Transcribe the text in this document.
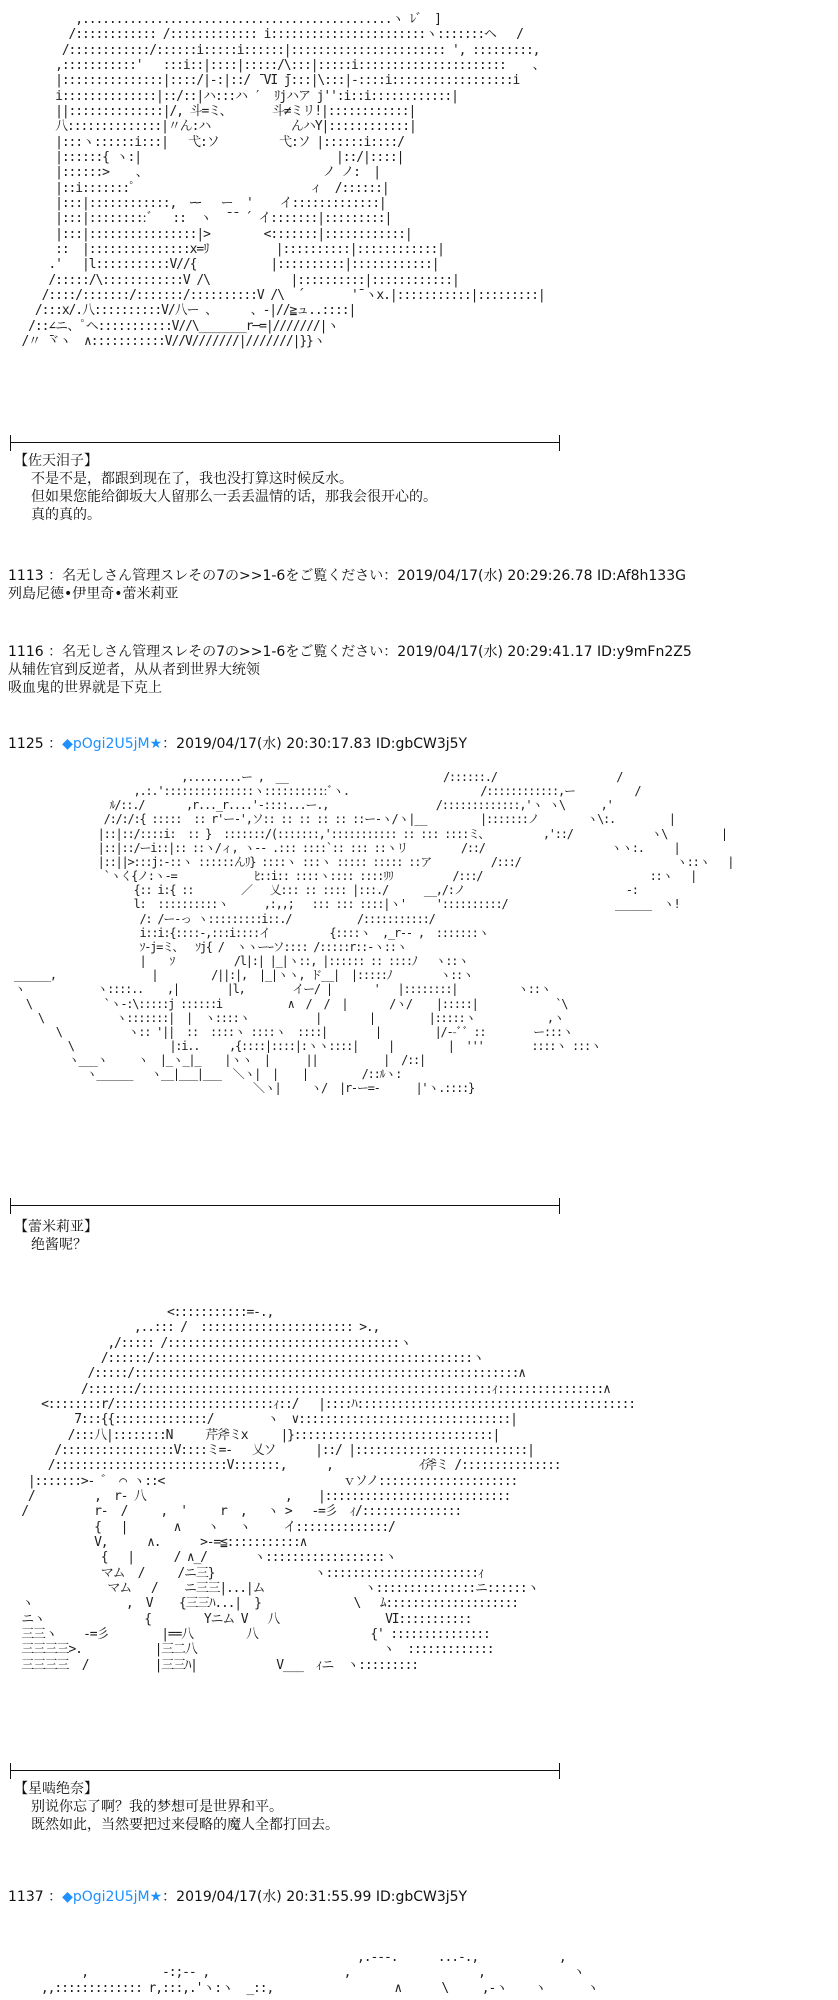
,..............................................ヽ ﾚ゛ ]
/:::::::::::: /::::::::::::: i:::::::::::::::::::::::ヽ:::::::ヘ   /
/::::::::::::/::::::i:::::i::::::|::::::::::::::::::::::: ', :::::::::,
,:::::::::::'   :::i::|::::|:::::/\:::|:::::i::::::::::::::::::::::    、
|:::::::::::::::|::::/|-:|::/ ̄ VI ̄j:::|\:::|-::::i::::::::::::::::::i
i::::::::::::::|::/::|ハ:::ハ ′  ﾘjハア j'':i::i::::::::::::|
||::::::::::::::|/, 斗=ミ、      斗≠ミリ!|::::::::::::|
八::::::::::::::|〃ん:ハ            んハY|::::::::::::|
|:::ヽ::::::i:::|   弋:ソ         弋:ソ |::::::i::::/
|::::::{ ヽ:|                             |::/|::::|
|::::::>    、                          ノ ノ:  |
|::i:::::::ﾟ                          ィ  /::::::|
|:::|::::::::::::,  ｰｰ   ー  '    イ:::::::::::::|
|:::|:::::::::ﾞ   ::  ヽ  ̄ ̄  ´ イ:::::::|:::::::::|
|:::|::::::::::::::::|>        <:::::::|::::::::::::|
::  |:::::::::::::::x=ﾘ          |::::::::::|::::::::::::|
.'   |l:::::::::::V//{           |::::::::::|::::::::::::|
/:::::/\::::::::::::V /\            |::::::::::|::::::::::::|
/::::/:::::::/:::::::/::::::::::V /\  ´       '¯ヽx.|:::::::::::|:::::::::|
/:::x/.八::::::::::V/八ー 、     、-|//≧ュ..::::|
/::∠ニ、ﾟヘ:::::::::::V//\_______r─=|///////|ヽ
/〃 ̄ヾヽ  ∧:::::::::::V//V///////|///////|}}ヽ
【佐天泪子】
不是不是，都跟到现在了，我也没打算这时候反水。
但如果您能给御坂大人留那么一丢丢温情的话，那我会很开心的。
真的真的。
1113 ：名无しさん管理スレその7の>>1-6をご覧ください：2019/04/17(水) 20:29:26.78 ID:Af8h133G
列島尼德•伊里奇•蕾米莉亚
1116 ：名无しさん管理スレその7の>>1-6をご覧ください：2019/04/17(水) 20:29:41.17 ID:y9mFn2Z5
从辅佐官到反逆者，从从者到世界大统领
吸血鬼的世界就是下克上
1125 ：◆pOgi2U5jM★：2019/04/17(水) 20:30:17.83 ID:gbCW3j5Y
,.........ー ,  __                          /::::::./                    /
,.:.':::::::::::::::ヽ:::::::::::ﾞヽ.                      /::::::::::::,ー          /
ﾙ/::./       ,r..._r....'-::::...ー.,                  /:::::::::::::,'ヽ ヽ\      ,'
/:/:/:{ :::::  :: r'ー-',ソ:: :: :: :: :: ::ー-ヽ/ヽ|__         |:::::::ノ        ヽ\:.         |
|::|::/::::i:  :: }  :::::::/(:::::::,'::::::::::: :: ::: ::::ミ、         ,'::/             ヽ\         |
|::|::/ーi::|:: ::ヽ/ィ, ヽ-- .::: ::::`:: ::: ::ヽリ         /::/                     ヽヽ:.     |
|::||>:::j:-::ヽ ::::::んﾘ} ::::ヽ :::ヽ ::::: ::::: ::ア          /:::/                          ヽ::ヽ   |
`ヽく{ノ:ヽ-=             ﾋ::i:: ::::ヽ:::: ::::ﾘﾘ          /:::/                            ::ヽ   |
{:: i:{ ::        ／   乂::: :: :::: |:::./      __,/:ノ                           -:
l:  ::::::::::ヽ      ,:,,;   ::: ::: ::::|ヽ'     '::::::::::/                  ______  ヽ!
/: /ー-っ ヽ:::::::::i::./           /:::::::::::/
i::i:{::::-,:::i::::イ          {::::ヽ  ,_r-- ,  :::::::ヽ
ｿ-j=ミ、  ｿj{ /  ヽヽーｰソ:::: /:::::r::-ヽ::ヽ
|    ｿ          /l|:| |_|ヽ::, |:::::: :: ::::ﾉ   ヽ::ヽ
______,                |         /||:|,  |_|ヽヽ, ド__|  |:::::ﾉ        ヽ::ヽ
ヽ            ヽ::::..    ,|        |l,        イー/ |       '   |::::::::|          ヽ::ヽ
\            `ヽ-:\:::::j ::::::i           ∧  /  /  |       /ヽ/    |:::::|             `\
\            ヽ:::::::|  |  ヽ::::ヽ           |        |         |:::::ヽ            ,ヽ
\           ヽ:: '||  ::  ::::ヽ ::::ヽ  ::::|        |         |/--ﾞﾞ ::        ー:::ヽ
\                |:i..     ,{::::|::::|:ヽヽ::::|     |         |  '''        ::::ヽ :::ヽ
ヽ___ヽ     ヽ  |_ヽ_|_    |ヽヽ  |      ||           |  /::|
ヽ______   ヽ__|___|___  ＼ヽ|  |    |         /::ﾙヽ:
＼ヽ|     ヽ/  |r-ー=-      |'ヽ.::::}
【蕾米莉亚】
绝酱呢？
<:::::::::::=-.,
,..::: /  ::::::::::::::::::::::: >.,
,/::::: /:::::::::::::::::::::::::::::::::::ヽ
/::::::/::::::::::::::::::::::::::::::::::::::::::::::::ヽ
/:::::/::::::::::::::::::::::::::::::::::::::::::::::::::::::::::∧
/:::::::/:::::::::::::::::::::::::::::::::::::::::::::::::::::ｨ::::::::::::::::∧
<::::::::r/::::::::::::::::::::::::ｨ::/   |::::ﾊ::::::::::::::::::::::::::::::::::::::::::
7:::{{::::::::::::::/        ヽ  ∨::::::::::::::::::::::::::::::::|
/:::八|::::::::N     芹斧ミx     |}::::::::::::::::::::::::::::::|
/:::::::::::::::::V::::ミ=-   乂ソ      |::/ |::::::::::::::::::::::::::|
/::::::::::::::::::::::::::V:::::::,      ,             ｲ斧ミ /:::::::::::::::
|:::::::>- ゛ ⌒ ヽ::<                           ｖソノ:::::::::::::::::::::
/         ,  r- 八                     ,    |::::::::::::::::::::::::::::
/          r-  /     ,  '     r  ,   ヽ >   -=彡  ｨ/:::::::::::::::
{   |       ∧    ヽ   ヽ     イ::::::::::::::/
V,      ∧.      >-=≦:::::::::::∧
{   |      / ∧_/       ヽ::::::::::::::::::ヽ
マム  /     /ニ三}               ヽ:::::::::::::::::::::::ｨ
マム   /    ニ三三|...|ム               ヽ:::::::::::::::ニ::::::ヽ
ヽ              ,  V    {三三ﾊ...|  }              \   ﾑ::::::::::::::::::::
ニヽ               {        Yニム V   八                VI:::::::::::
三三ヽ    -=彡        |==八        八                 {' :::::::::::::::
三三三三>.           |三二八                            ヽ  :::::::::::::
三三三三  /          |三三ﾊ|            V___  ｨニ  ヽ:::::::::
【星啮绝奈】
别说你忘了啊？我的梦想可是世界和平。
既然如此，当然要把过来侵略的魔人全都打回去。
1137 ：◆pOgi2U5jM★：2019/04/17(水) 20:31:55.99 ID:gbCW3j5Y
,.---.      ...-.,            ,
,           -:;-- ,                    ,                   ,             ヽ
,,::::::::::::: r,:::,.'ヽ:ヽ  _::,                  ∧      \     ,-ヽ    ヽ      ヽ
